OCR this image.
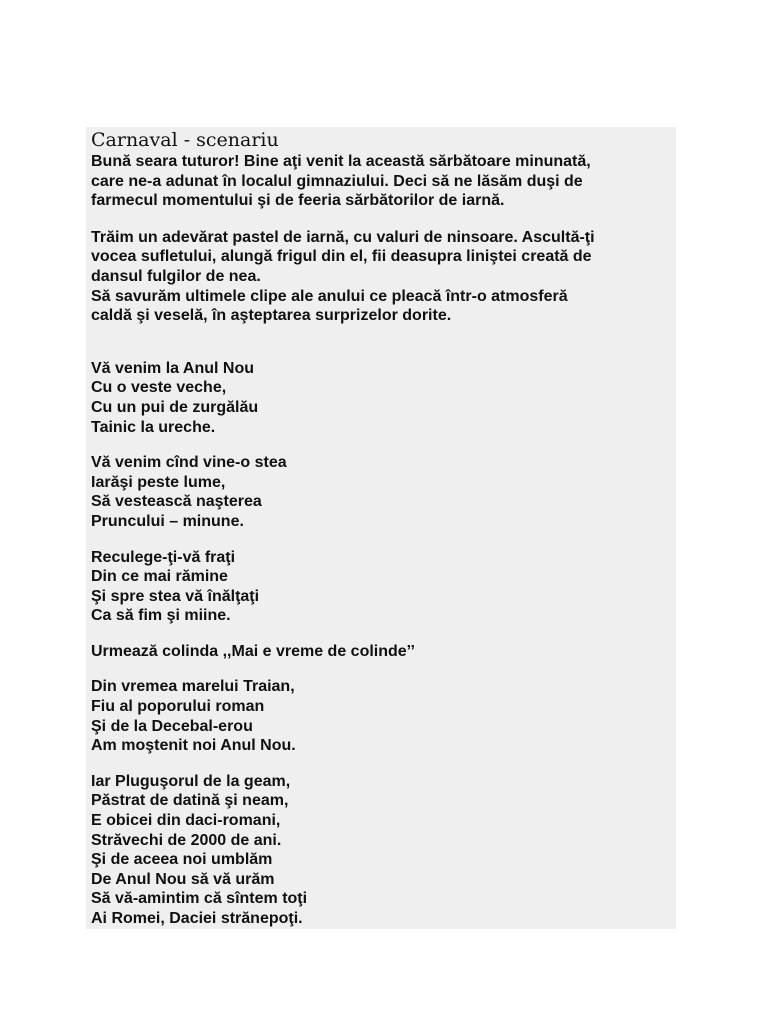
Carnaval - scenariu
Bună seara tuturor! Bine aţi venit la această sărbătoare minunată,
care ne-a adunat în localul gimnaziului. Deci să ne lăsăm duşi de
farmecul momentului şi de feeria sărbătorilor de iarnă.
Trăim un adevărat pastel de iarnă, cu valuri de ninsoare. Ascultă-ţi
vocea sufletului, alungă frigul din el, fii deasupra liniştei creată de
dansul fulgilor de nea.
Să savurăm ultimele clipe ale anului ce pleacă într-o atmosferă
caldă şi veselă, în aşteptarea surprizelor dorite.
Vă venim la Anul Nou
Cu o veste veche,
Cu un pui de zurgălău
Tainic la ureche.
Vă venim cînd vine-o stea
Iarăşi peste lume,
Să vestească naşterea
Pruncului – minune.
Reculege-ţi-vă fraţi
Din ce mai rămine
Şi spre stea vă înălţaţi
Ca să fim şi miine.
Urmează colinda ,,Mai e vreme de colinde’’
Din vremea marelui Traian,
Fiu al poporului roman
Şi de la Decebal-erou
Am moştenit noi Anul Nou.
Iar Pluguşorul de la geam,
Păstrat de datină şi neam,
E obicei din daci-romani,
Străvechi de 2000 de ani.
Şi de aceea noi umblăm
De Anul Nou să vă urăm
Să vă-amintim că sîntem toţi
Ai Romei, Daciei strănepoţi.
